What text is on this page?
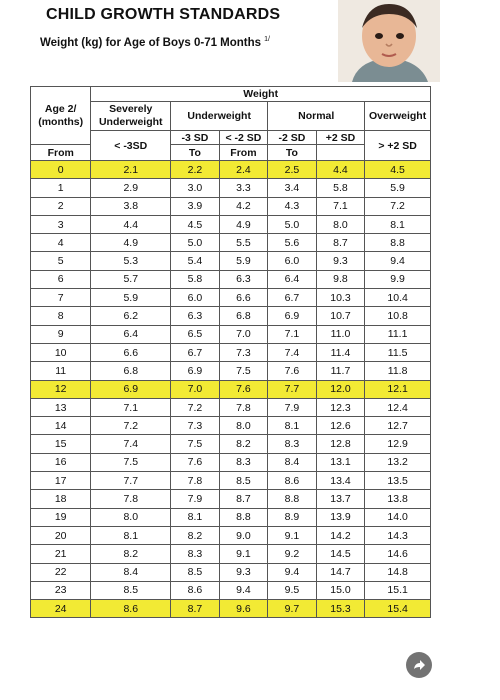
CHILD GROWTH STANDARDS
Weight (kg) for Age of Boys 0-71 Months $^{1/}$
Age 2/
(months)	Weight					
	Severely
Underweight	Underweight		Normal		Overweight
	< -3SD	-3 SD	< -2 SD	-2 SD	+2 SD	> +2 SD
From		To	From	To		
0	2.1	2.2	2.4	2.5	4.4	4.5
1	2.9	3.0	3.3	3.4	5.8	5.9
2	3.8	3.9	4.2	4.3	7.1	7.2
3	4.4	4.5	4.9	5.0	8.0	8.1
4	4.9	5.0	5.5	5.6	8.7	8.8
5	5.3	5.4	5.9	6.0	9.3	9.4
6	5.7	5.8	6.3	6.4	9.8	9.9
7	5.9	6.0	6.6	6.7	10.3	10.4
8	6.2	6.3	6.8	6.9	10.7	10.8
9	6.4	6.5	7.0	7.1	11.0	11.1
10	6.6	6.7	7.3	7.4	11.4	11.5
11	6.8	6.9	7.5	7.6	11.7	11.8
12	6.9	7.0	7.6	7.7	12.0	12.1
13	7.1	7.2	7.8	7.9	12.3	12.4
14	7.2	7.3	8.0	8.1	12.6	12.7
15	7.4	7.5	8.2	8.3	12.8	12.9
16	7.5	7.6	8.3	8.4	13.1	13.2
17	7.7	7.8	8.5	8.6	13.4	13.5
18	7.8	7.9	8.7	8.8	13.7	13.8
19	8.0	8.1	8.8	8.9	13.9	14.0
20	8.1	8.2	9.0	9.1	14.2	14.3
21	8.2	8.3	9.1	9.2	14.5	14.6
22	8.4	8.5	9.3	9.4	14.7	14.8
23	8.5	8.6	9.4	9.5	15.0	15.1
24	8.6	8.7	9.6	9.7	15.3	15.4
